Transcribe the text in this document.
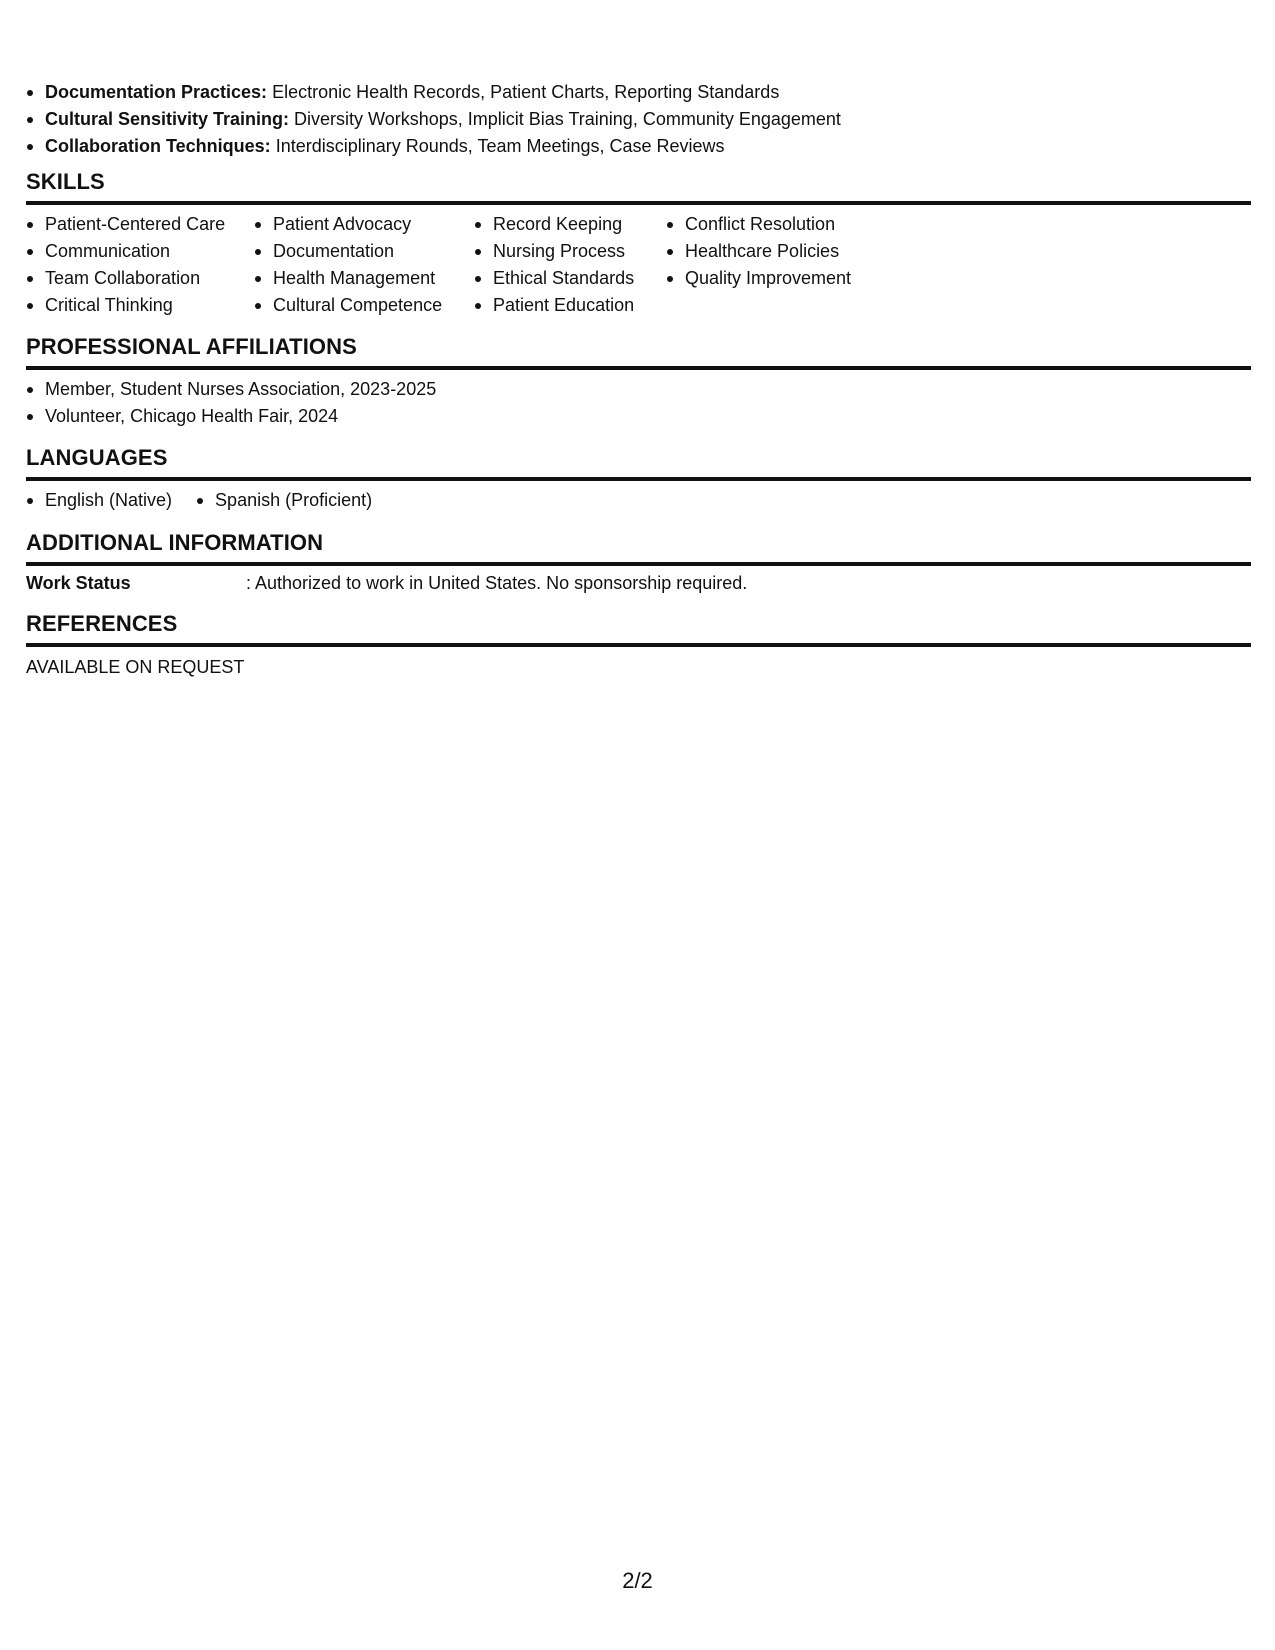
Documentation Practices: Electronic Health Records, Patient Charts, Reporting Standards
Cultural Sensitivity Training: Diversity Workshops, Implicit Bias Training, Community Engagement
Collaboration Techniques: Interdisciplinary Rounds, Team Meetings, Case Reviews
SKILLS
Patient-Centered Care
Communication
Team Collaboration
Critical Thinking
Patient Advocacy
Documentation
Health Management
Cultural Competence
Record Keeping
Nursing Process
Ethical Standards
Patient Education
Conflict Resolution
Healthcare Policies
Quality Improvement
PROFESSIONAL AFFILIATIONS
Member, Student Nurses Association, 2023-2025
Volunteer, Chicago Health Fair, 2024
LANGUAGES
English (Native)	Spanish (Proficient)
ADDITIONAL INFORMATION
Work Status	: Authorized to work in United States. No sponsorship required.
REFERENCES
AVAILABLE ON REQUEST
2/2
